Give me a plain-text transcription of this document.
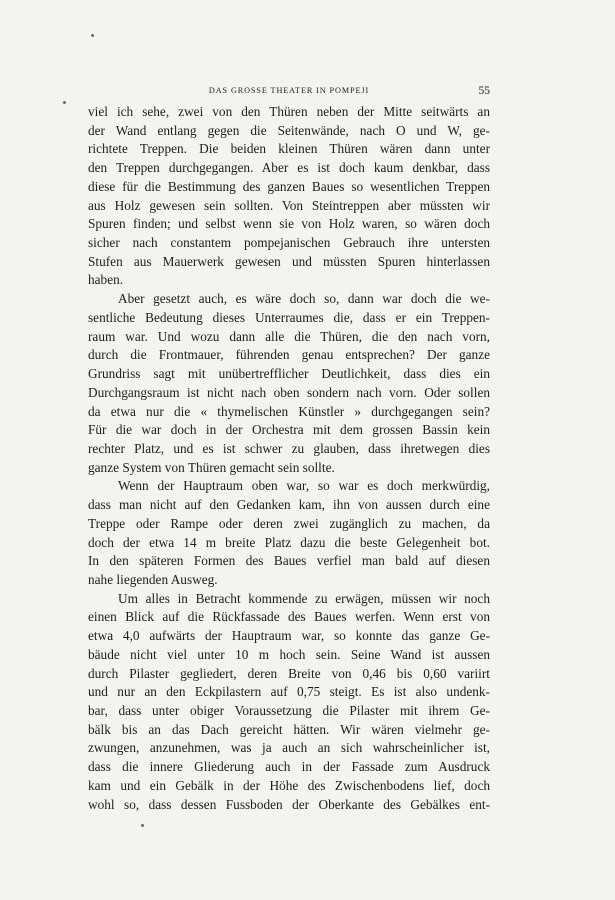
DAS GROSSE THEATER IN POMPEJI	55
viel ich sehe, zwei von den Thüren neben der Mitte seitwärts an
der Wand entlang gegen die Seitenwände, nach O und W, ge-
richtete Treppen. Die beiden kleinen Thüren wären dann unter
den Treppen durchgegangen. Aber es ist doch kaum denkbar, dass
diese für die Bestimmung des ganzen Baues so wesentlichen Treppen
aus Holz gewesen sein sollten. Von Steintreppen aber müssten wir
Spuren finden; und selbst wenn sie von Holz waren, so wären doch
sicher nach constantem pompejanischen Gebrauch ihre untersten
Stufen aus Mauerwerk gewesen und müssten Spuren hinterlassen
haben.
Aber gesetzt auch, es wäre doch so, dann war doch die we-
sentliche Bedeutung dieses Unterraumes die, dass er ein Treppen-
raum war. Und wozu dann alle die Thüren, die den nach vorn,
durch die Frontmauer, führenden genau entsprechen? Der ganze
Grundriss sagt mit unübertrefflicher Deutlichkeit, dass dies ein
Durchgangsraum ist nicht nach oben sondern nach vorn. Oder sollen
da etwa nur die « thymelischen Künstler » durchgegangen sein?
Für die war doch in der Orchestra mit dem grossen Bassin kein
rechter Platz, und es ist schwer zu glauben, dass ihretwegen dies
ganze System von Thüren gemacht sein sollte.
Wenn der Hauptraum oben war, so war es doch merkwürdig,
dass man nicht auf den Gedanken kam, ihn von aussen durch eine
Treppe oder Rampe oder deren zwei zugänglich zu machen, da
doch der etwa 14 m breite Platz dazu die beste Gelegenheit bot.
In den späteren Formen des Baues verfiel man bald auf diesen
nahe liegenden Ausweg.
Um alles in Betracht kommende zu erwägen, müssen wir noch
einen Blick auf die Rückfassade des Baues werfen. Wenn erst von
etwa 4,0 aufwärts der Hauptraum war, so konnte das ganze Ge-
bäude nicht viel unter 10 m hoch sein. Seine Wand ist aussen
durch Pilaster gegliedert, deren Breite von 0,46 bis 0,60 variirt
und nur an den Eckpilastern auf 0,75 steigt. Es ist also undenk-
bar, dass unter obiger Voraussetzung die Pilaster mit ihrem Ge-
bälk bis an das Dach gereicht hätten. Wir wären vielmehr ge-
zwungen, anzunehmen, was ja auch an sich wahrscheinlicher ist,
dass die innere Gliederung auch in der Fassade zum Ausdruck
kam und ein Gebälk in der Höhe des Zwischenbodens lief, doch
wohl so, dass dessen Fussboden der Oberkante des Gebälkes ent-
